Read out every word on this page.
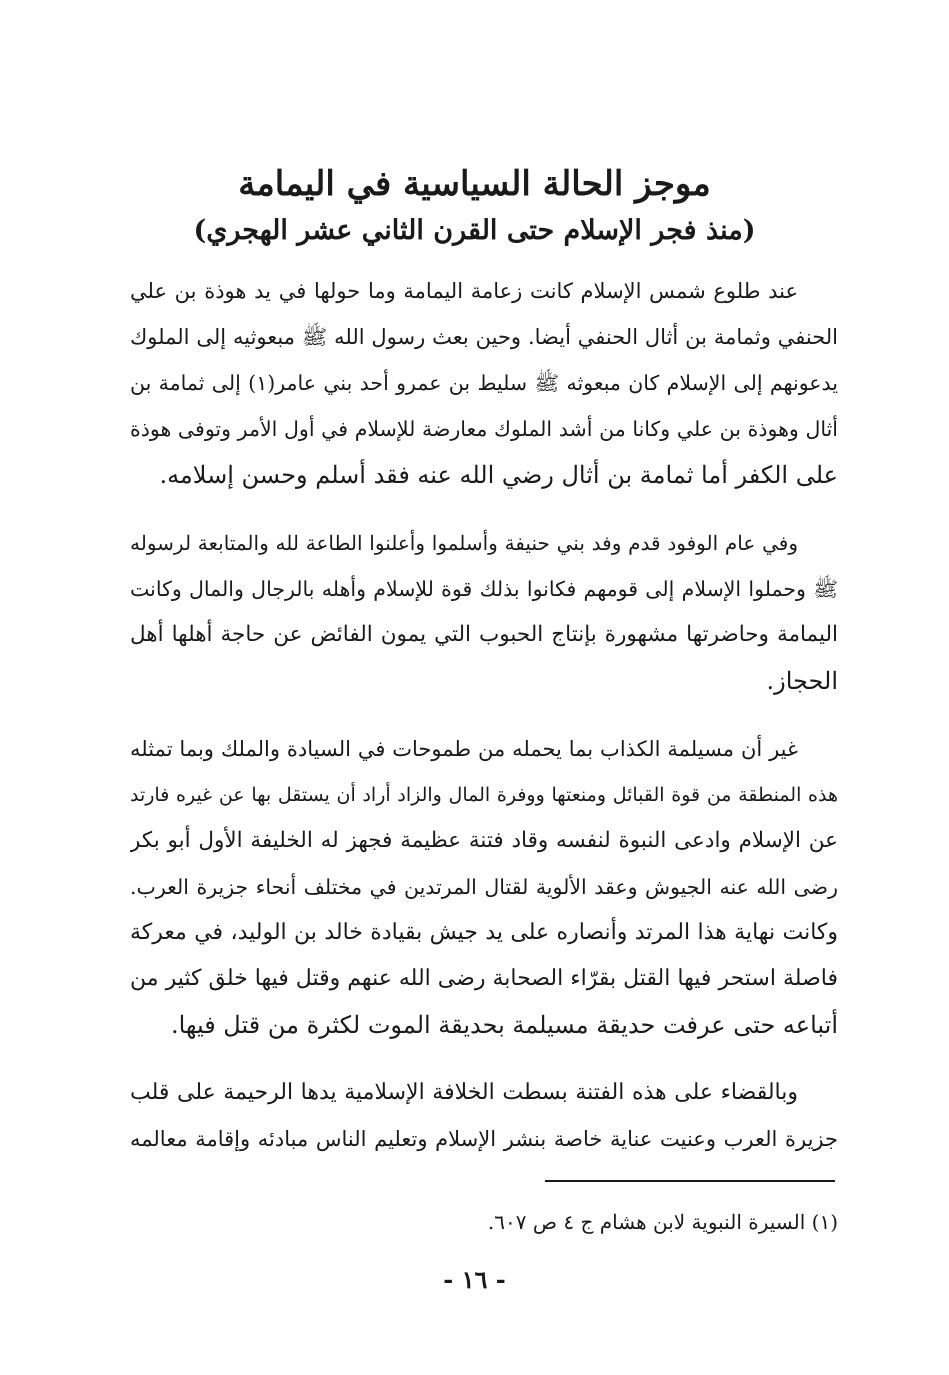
موجز الحالة السياسية في اليمامة
(منذ فجر الإسلام حتى القرن الثاني عشر الهجري)
عند طلوع شمس الإسلام كانت زعامة اليمامة وما حولها في يد هوذة بن علي
الحنفي وثمامة بن أثال الحنفي أيضا. وحين بعث رسول الله ﷺ مبعوثيه إلى الملوك
يدعونهم إلى الإسلام كان مبعوثه ﷺ سليط بن عمرو أحد بني عامر(١) إلى ثمامة بن
أثال وهوذة بن علي وكانا من أشد الملوك معارضة للإسلام في أول الأمر وتوفى هوذة
على الكفر أما ثمامة بن أثال رضي الله عنه فقد أسلم وحسن إسلامه.
وفي عام الوفود قدم وفد بني حنيفة وأسلموا وأعلنوا الطاعة لله والمتابعة لرسوله
ﷺ وحملوا الإسلام إلى قومهم فكانوا بذلك قوة للإسلام وأهله بالرجال والمال وكانت
اليمامة وحاضرتها مشهورة بإنتاج الحبوب التي يمون الفائض عن حاجة أهلها أهل
الحجاز.
غير أن مسيلمة الكذاب بما يحمله من طموحات في السيادة والملك وبما تمثله
هذه المنطقة من قوة القبائل ومنعتها ووفرة المال والزاد أراد أن يستقل بها عن غيره فارتد
عن الإسلام وادعى النبوة لنفسه وقاد فتنة عظيمة فجهز له الخليفة الأول أبو بكر
رضى الله عنه الجيوش وعقد الألوية لقتال المرتدين في مختلف أنحاء جزيرة العرب.
وكانت نهاية هذا المرتد وأنصاره على يد جيش بقيادة خالد بن الوليد، في معركة
فاصلة استحر فيها القتل بقرّاء الصحابة رضى الله عنهم وقتل فيها خلق كثير من
أتباعه حتى عرفت حديقة مسيلمة بحديقة الموت لكثرة من قتل فيها.
وبالقضاء على هذه الفتنة بسطت الخلافة الإسلامية يدها الرحيمة على قلب
جزيرة العرب وعنيت عناية خاصة بنشر الإسلام وتعليم الناس مبادئه وإقامة معالمه
(١) السيرة النبوية لابن هشام ج ٤ ص ٦٠٧.
- ١٦ -
